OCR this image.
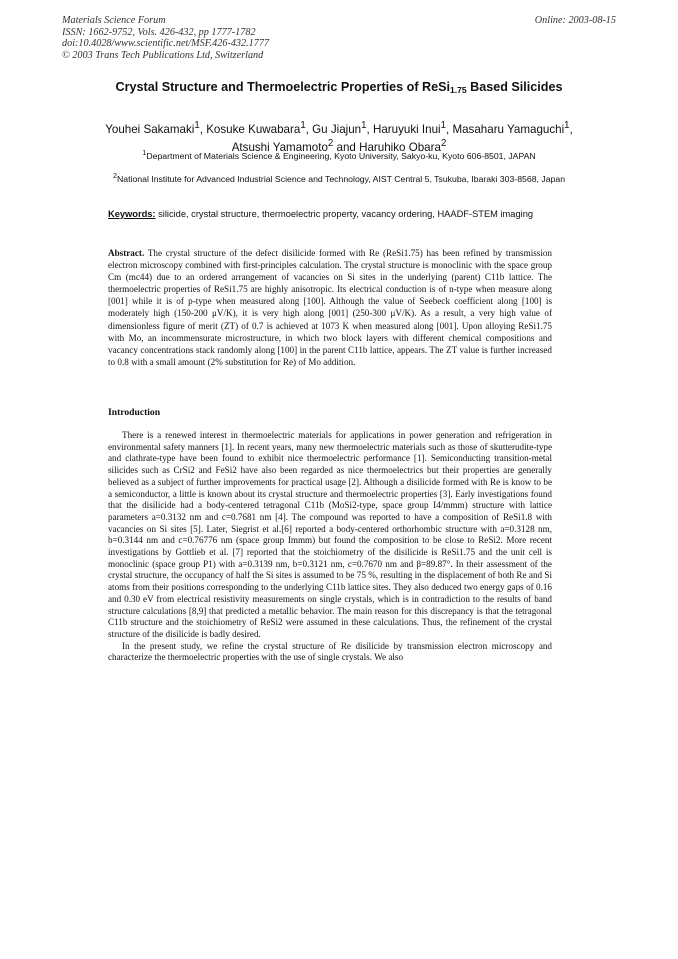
Materials Science Forum
ISSN: 1662-9752, Vols. 426-432, pp 1777-1782
doi:10.4028/www.scientific.net/MSF.426-432.1777
© 2003 Trans Tech Publications Ltd, Switzerland
Online: 2003-08-15
Crystal Structure and Thermoelectric Properties of ReSi$_{1.75}$ Based Silicides
Youhei Sakamaki$^1$, Kosuke Kuwabara$^1$, Gu Jiajun$^1$, Haruyuki Inui$^1$, Masaharu Yamaguchi$^1$, Atsushi Yamamoto$^2$ and Haruhiko Obara$^2$
$^1$Department of Materials Science & Engineering, Kyoto University, Sakyo-ku, Kyoto 606-8501, JAPAN
$^2$National Institute for Advanced Industrial Science and Technology, AIST Central 5, Tsukuba, Ibaraki 303-8568, Japan
Keywords: silicide, crystal structure, thermoelectric property, vacancy ordering, HAADF-STEM imaging
Abstract. The crystal structure of the defect disilicide formed with Re (ReSi1.75) has been refined by transmission electron microscopy combined with first-principles calculation. The crystal structure is monoclinic with the space group Cm (mc44) due to an ordered arrangement of vacancies on Si sites in the underlying (parent) C11b lattice. The thermoelectric properties of ReSi1.75 are highly anisotropic. Its electrical conduction is of n-type when measure along [001] while it is of p-type when measured along [100]. Although the value of Seebeck coefficient along [100] is moderately high (150-200 μV/K), it is very high along [001] (250-300 μV/K). As a result, a very high value of dimensionless figure of merit (ZT) of 0.7 is achieved at 1073 K when measured along [001]. Upon alloying ReSi1.75 with Mo, an incommensurate microstructure, in which two block layers with different chemical compositions and vacancy concentrations stack randomly along [100] in the parent C11b lattice, appears. The ZT value is further increased to 0.8 with a small amount (2% substitution for Re) of Mo addition.
Introduction

There is a renewed interest in thermoelectric materials for applications in power generation and refrigeration in environmental safety manners [1]. In recent years, many new thermoelectric materials such as those of skutterudite-type and clathrate-type have been found to exhibit nice thermoelectric performance [1]. Semiconducting transition-metal silicides such as CrSi2 and FeSi2 have also been regarded as nice thermoelectrics but their properties are generally believed as a subject of further improvements for practical usage [2]. Although a disilicide formed with Re is know to be a semiconductor, a little is known about its crystal structure and thermoelectric properties [3]. Early investigations found that the disilicide had a body-centered tetragonal C11b (MoSi2-type, space group I4/mmm) structure with lattice parameters a=0.3132 nm and c=0.7681 nm [4]. The compound was reported to have a composition of ReSi1.8 with vacancies on Si sites [5]. Later, Siegrist et al.[6] reported a body-centered orthorhombic structure with a=0.3128 nm, b=0.3144 nm and c=0.76776 nm (space group Immm) but found the composition to be close to ReSi2. More recent investigations by Gottlieb et al. [7] reported that the stoichiometry of the disilicide is ReSi1.75 and the unit cell is monoclinic (space group P1) with a=0.3139 nm, b=0.3121 nm, c=0.7670 nm and β=89.87°. In their assessment of the crystal structure, the occupancy of half the Si sites is assumed to be 75 %, resulting in the displacement of both Re and Si atoms from their positions corresponding to the underlying C11b lattice sites. They also deduced two energy gaps of 0.16 and 0.30 eV from electrical resistivity measurements on single crystals, which is in contradiction to the results of band structure calculations [8,9] that predicted a metallic behavior. The main reason for this discrepancy is that the tetragonal C11b structure and the stoichiometry of ReSi2 were assumed in these calculations. Thus, the refinement of the crystal structure of the disilicide is badly desired.

In the present study, we refine the crystal structure of Re disilicide by transmission electron microscopy and characterize the thermoelectric properties with the use of single crystals. We also
